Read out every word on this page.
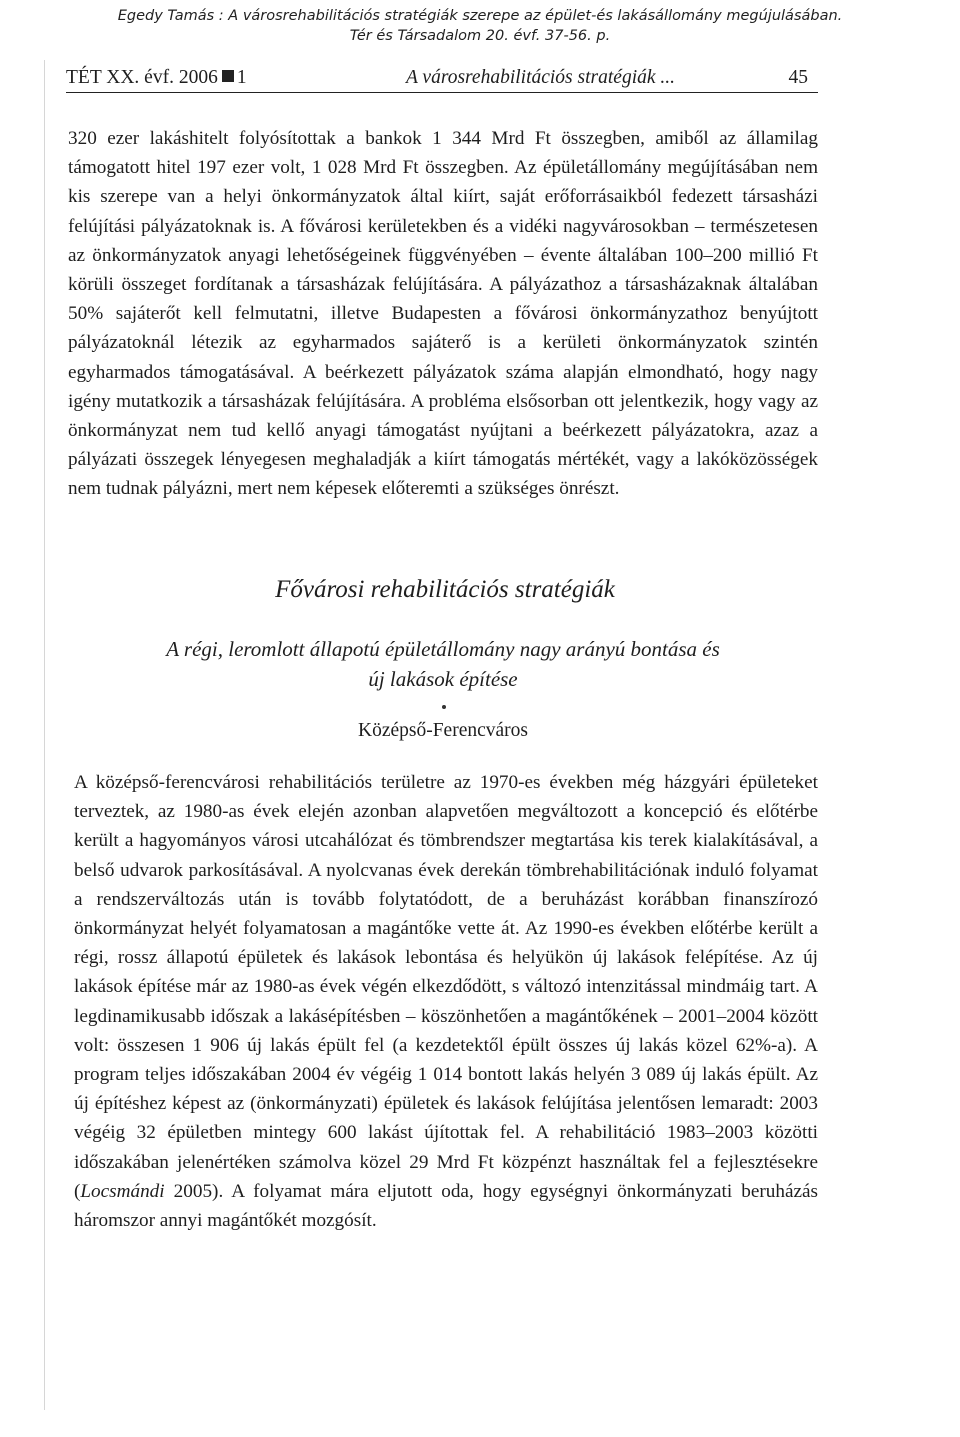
Egedy Tamás : A városrehabilitációs stratégiák szerepe az épület-és lakásállomány megújulásában.
Tér és Társadalom 20. évf. 37-56. p.
TÉT XX. évf. 2006 1	A városrehabilitációs stratégiák ...	45

320 ezer lakáshitelt folyósítottak a bankok 1 344 Mrd Ft összegben, amiből az államilag támogatott hitel 197 ezer volt, 1 028 Mrd Ft összegben. Az épületállomány megújításában nem kis szerepe van a helyi önkormányzatok által kiírt, saját erőforrásaikból fedezett társasházi felújítási pályázatoknak is. A fővárosi kerületekben és a vidéki nagyvárosokban – természetesen az önkormányzatok anyagi lehetőségeinek függvényében – évente általában 100–200 millió Ft körüli összeget fordítanak a társasházak felújítására. A pályázathoz a társasházaknak általában 50% sajáterőt kell felmutatni, illetve Budapesten a fővárosi önkormányzathoz benyújtott pályázatoknál létezik az egyharmados sajáterő is a kerületi önkormányzatok szintén egyharmados támogatásával. A beérkezett pályázatok száma alapján elmondható, hogy nagy igény mutatkozik a társasházak felújítására. A probléma elsősorban ott jelentkezik, hogy vagy az önkormányzat nem tud kellő anyagi támogatást nyújtani a beérkezett pályázatokra, azaz a pályázati összegek lényegesen meghaladják a kiírt támogatás mértékét, vagy a lakóközösségek nem tudnak pályázni, mert nem képesek előteremti a szükséges önrészt.

Fővárosi rehabilitációs stratégiák
A régi, leromlott állapotú épületállomány nagy arányú bontása és
új lakások építése
Középső-Ferencváros

A középső-ferencvárosi rehabilitációs területre az 1970-es években még házgyári épületeket terveztek, az 1980-as évek elején azonban alapvetően megváltozott a koncepció és előtérbe került a hagyományos városi utcahálózat és tömbrendszer megtartása kis terek kialakításával, a belső udvarok parkosításával. A nyolcvanas évek derekán tömbrehabilitációnak induló folyamat a rendszerváltozás után is tovább folytatódott, de a beruházást korábban finanszírozó önkormányzat helyét folyamatosan a magántőke vette át. Az 1990-es években előtérbe került a régi, rossz állapotú épületek és lakások lebontása és helyükön új lakások felépítése. Az új lakások építése már az 1980-as évek végén elkezdődött, s változó intenzitással mindmáig tart. A legdinamikusabb időszak a lakásépítésben – köszönhetően a magántőkének – 2001–2004 között volt: összesen 1 906 új lakás épült fel (a kezdetektől épült összes új lakás közel 62%-a). A program teljes időszakában 2004 év végéig 1 014 bontott lakás helyén 3 089 új lakás épült. Az új építéshez képest az (önkormányzati) épületek és lakások felújítása jelentősen lemaradt: 2003 végéig 32 épületben mintegy 600 lakást újítottak fel. A rehabilitáció 1983–2003 közötti időszakában jelenértéken számolva közel 29 Mrd Ft közpénzt használtak fel a fejlesztésekre (Locsmándi 2005). A folyamat mára eljutott oda, hogy egységnyi önkormányzati beruházás háromszor annyi magántőkét mozgósít.
